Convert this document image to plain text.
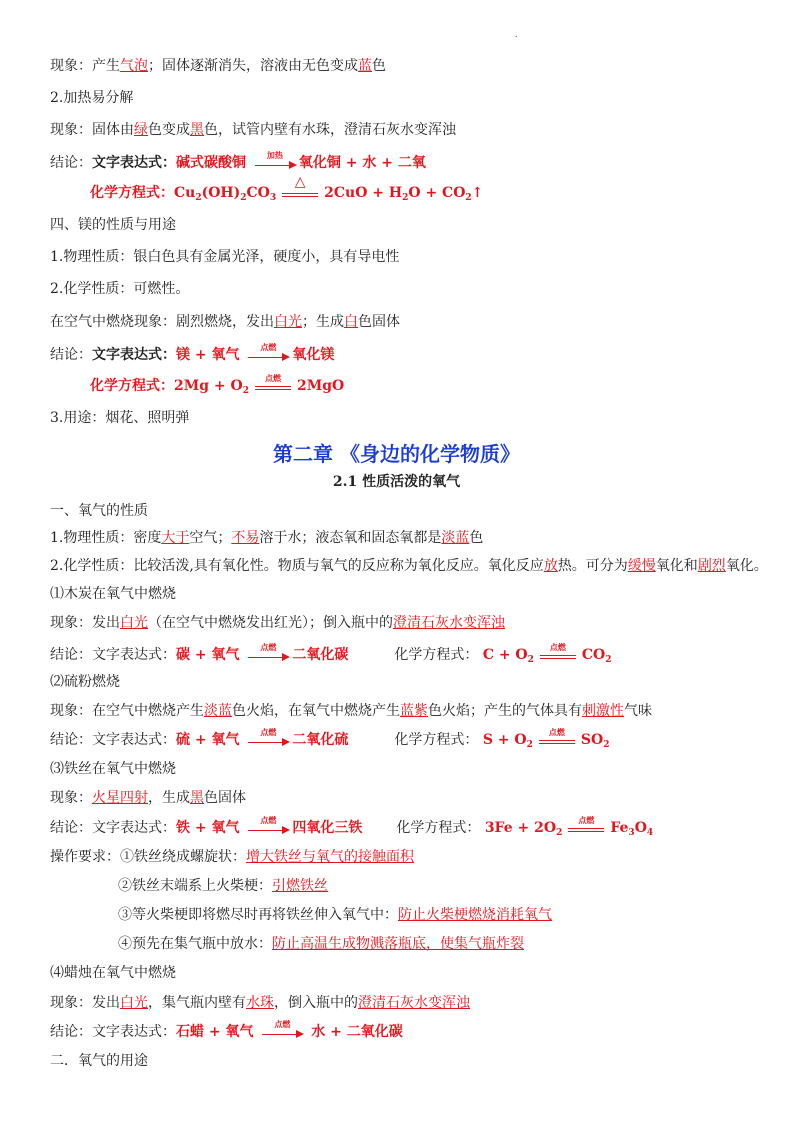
.
第二章 《身边的化学物质》
2.1 性质活泼的氧气
现象：产生气泡；固体逐渐消失，溶液由无色变成蓝色
2.加热易分解
现象：固体由绿色变成黑色，试管内壁有水珠，澄清石灰水变浑浊
结论：文字表达式：碱式碳酸铜	加热	氧化铜 + 水 + 二氧
化学方程式：$Cu_2(OH)_2CO_3$
△
$2CuO + H_2O$ + $CO_2↑$
四、镁的性质与用途
1.物理性质：银白色具有金属光泽，硬度小，具有导电性
2.化学性质：可燃性。
在空气中燃烧现象：剧烈燃烧，发出白光；生成白色固体
结论：文字表达式：镁 + 氧气	点燃	氧化镁
化学方程式：$2Mg + O_2$
点燃	2MgO
3.用途：烟花、照明弹
一、氧气的性质
1.物理性质：密度大于空气；不易溶于水；液态氧和固态氧都是淡蓝色
2.化学性质：比较活泼,具有氧化性。物质与氧气的反应称为氧化反应。氧化反应放热。可分为缓慢氧化和剧烈氧化。
⑴木炭在氧气中燃烧
现象：发出白光（在空气中燃烧发出红光）；倒入瓶中的澄清石灰水变浑浊
结论：文字表达式：碳 + 氧气	点燃	二氧化碳	化学方程式： $C + O_2$
点燃	$CO_2$
⑵硫粉燃烧
现象：在空气中燃烧产生淡蓝色火焰，在氧气中燃烧产生蓝紫色火焰；产生的气体具有刺激性气味
结论：文字表达式：硫 + 氧气	点燃	二氧化硫	化学方程式： $S + O_2$
点燃	$SO_2$
⑶铁丝在氧气中燃烧
现象：火星四射，生成黑色固体
结论：文字表达式：铁 + 氧气	点燃	四氧化三铁 化学方程式： $3Fe + 2O_2$
点燃	$Fe_3O_4$
操作要求：①铁丝绕成螺旋状：增大铁丝与氧气的接触面积
②铁丝末端系上火柴梗：引燃铁丝
③等火柴梗即将燃尽时再将铁丝伸入氧气中：防止火柴梗燃烧消耗氧气
④预先在集气瓶中放水：防止高温生成物溅落瓶底，使集气瓶炸裂
⑷蜡烛在氧气中燃烧
现象：发出白光，集气瓶内壁有水珠，倒入瓶中的澄清石灰水变浑浊
结论：文字表达式：石蜡 + 氧气	点燃	水 + 二氧化碳
二．氧气的用途
